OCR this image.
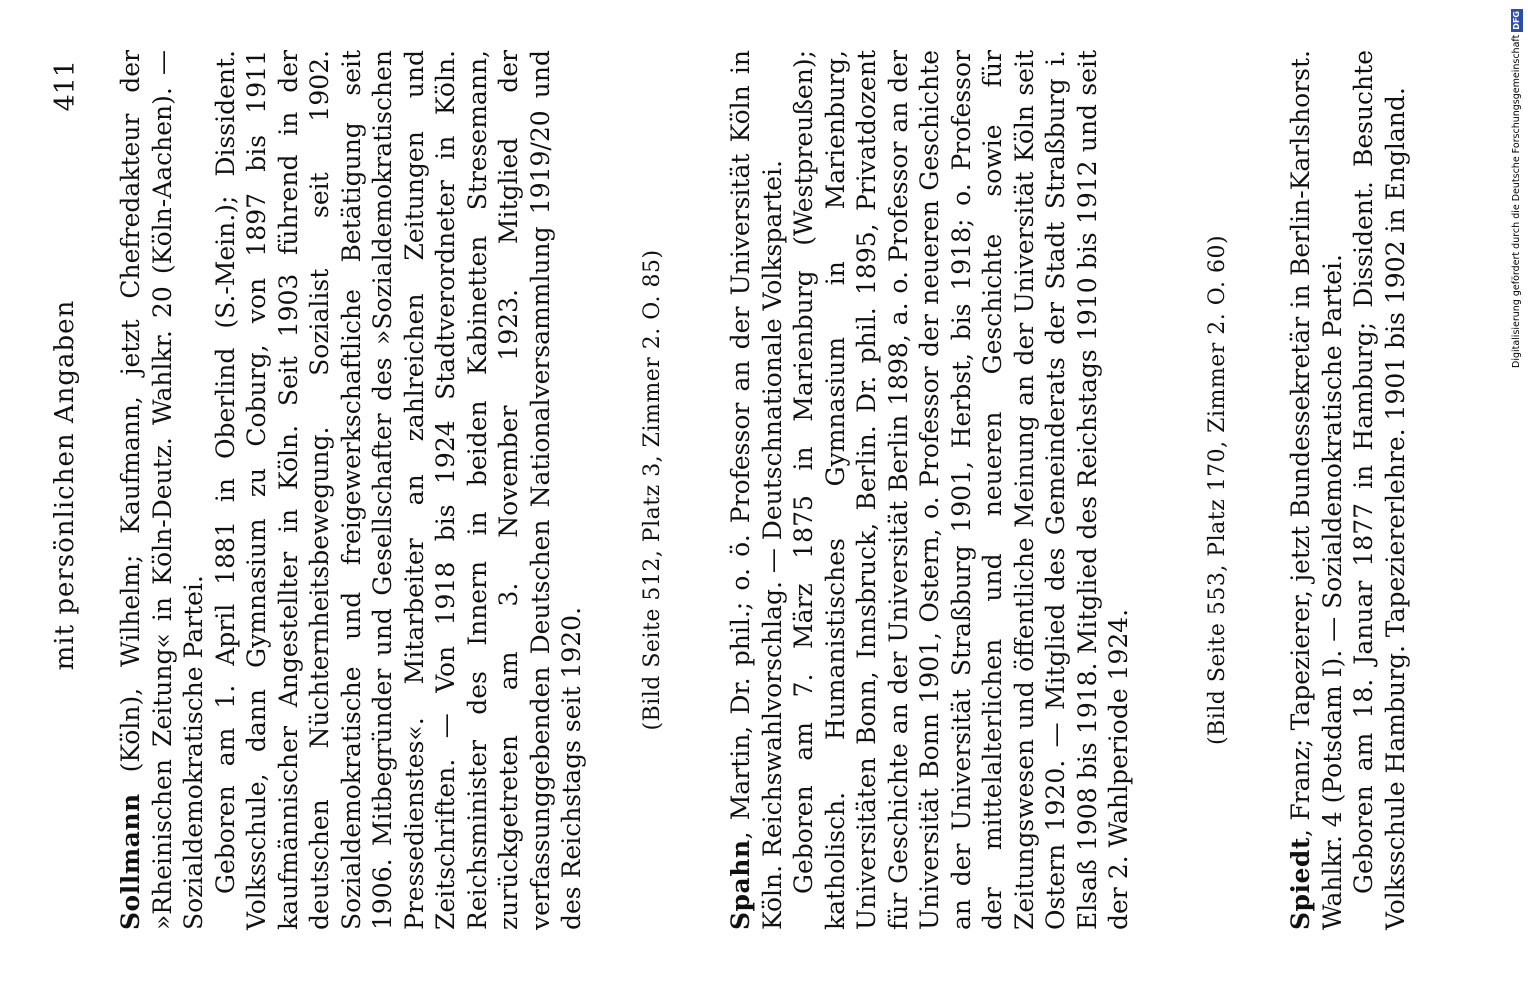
mit persönlichen Angaben
411

Sollmann (Köln), Wilhelm; Kaufmann, jetzt Chefredakteur der »Rheinischen Zeitung« in Köln-Deutz. Wahlkr. 20 (Köln-Aachen). — Sozialdemokratische Partei. Geboren am 1. April 1881 in Oberlind (S.-Mein.); Dissident. Volksschule, dann Gymnasium zu Coburg, von 1897 bis 1911 kaufmännischer Angestellter in Köln. Seit 1903 führend in der deutschen Nüchternheitsbewegung. Sozialist seit 1902. Sozialdemokratische und freigewerkschaftliche Betätigung seit 1906. Mitbegründer und Gesellschafter des »Sozialdemokratischen Pressedienstes«. Mitarbeiter an zahlreichen Zeitungen und Zeitschriften. — Von 1918 bis 1924 Stadtverordneter in Köln. Reichsminister des Innern in beiden Kabinetten Stresemann, zurückgetreten am 3. November 1923. Mitglied der verfassunggebenden Deutschen Nationalversammlung 1919/20 und des Reichstags seit 1920.

(Bild Seite 512, Platz 3, Zimmer 2. O. 85)

Spahn, Martin, Dr. phil.; o. ö. Professor an der Universität Köln in Köln. Reichswahlvorschlag. — Deutschnationale Volkspartei. Geboren am 7. März 1875 in Marienburg (Westpreußen); katholisch. Humanistisches Gymnasium in Marienburg, Universitäten Bonn, Innsbruck, Berlin. Dr. phil. 1895, Privatdozent für Geschichte an der Universität Berlin 1898, a. o. Professor an der Universität Bonn 1901, Ostern, o. Professor der neueren Geschichte an der Universität Straßburg 1901, Herbst, bis 1918; o. Professor der mittelalterlichen und neueren Geschichte sowie für Zeitungswesen und öffentliche Meinung an der Universität Köln seit Ostern 1920. — Mitglied des Gemeinderats der Stadt Straßburg i. Elsaß 1908 bis 1918. Mitglied des Reichstags 1910 bis 1912 und seit der 2. Wahlperiode 1924.

(Bild Seite 553, Platz 170, Zimmer 2. O. 60)

Spiedt, Franz; Tapezierer, jetzt Bundessekretär in Berlin-Karlshorst. Wahlkr. 4 (Potsdam I). — Sozialdemokratische Partei. Geboren am 18. Januar 1877 in Hamburg; Dissident. Besuchte Volksschule Hamburg. Tapeziererlehre. 1901 bis 1902 in England.	Digitalisierung gefördert durch die Deutsche ForschungsgemeinschaftDFG
